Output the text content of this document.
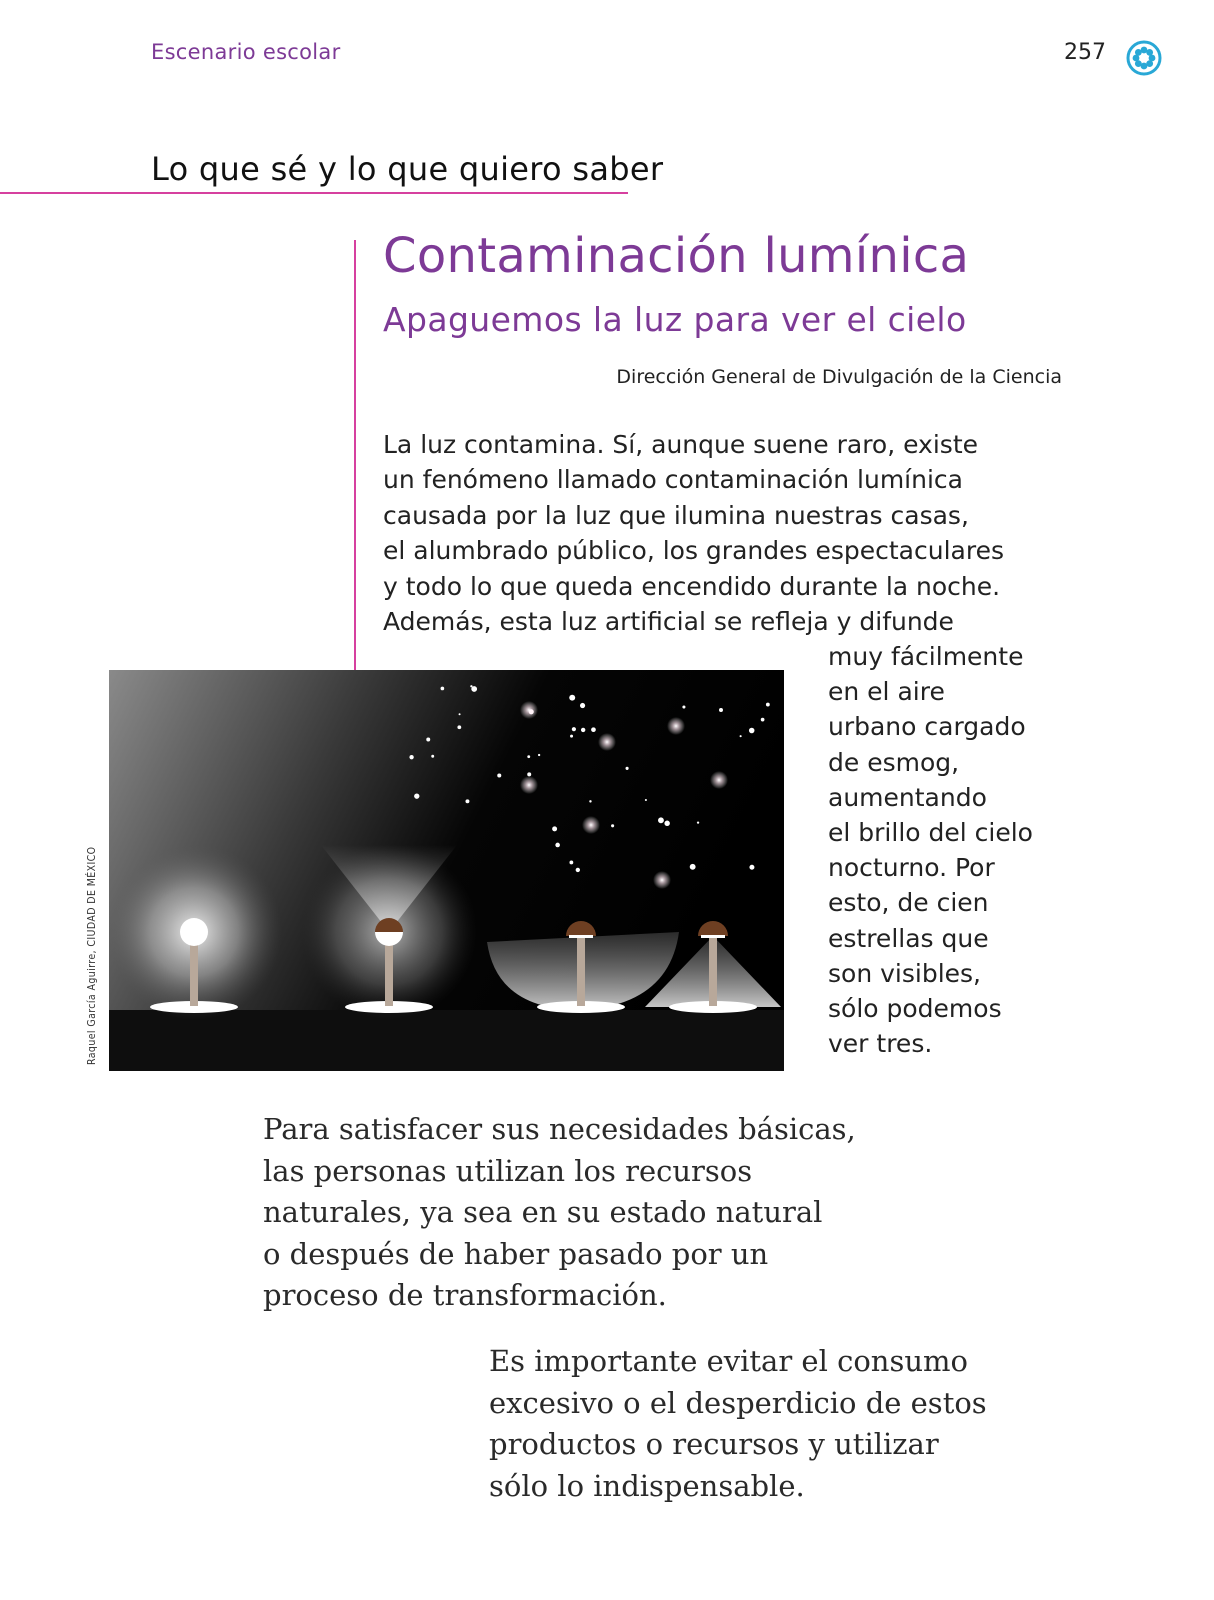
Escenario escolar	257
Lo que sé y lo que quiero saber
Contaminación lumínica
Apaguemos la luz para ver el cielo
Dirección General de Divulgación de la Ciencia
La luz contamina. Sí, aunque suene raro, existe
un fenómeno llamado contaminación lumínica
causada por la luz que ilumina nuestras casas,
el alumbrado público, los grandes espectaculares
y todo lo que queda encendido durante la noche.
Además, esta luz artificial se refleja y difunde
muy fácilmente
en el aire
urbano cargado
de esmog,
aumentando
el brillo del cielo
nocturno. Por
esto, de cien
estrellas que
son visibles,
sólo podemos
ver tres.
Raquel García Aguirre, CIUDAD DE MÉXICO
Para satisfacer sus necesidades básicas,
las personas utilizan los recursos
naturales, ya sea en su estado natural
o después de haber pasado por un
proceso de transformación.
Es importante evitar el consumo
excesivo o el desperdicio de estos
productos o recursos y utilizar
sólo lo indispensable.
